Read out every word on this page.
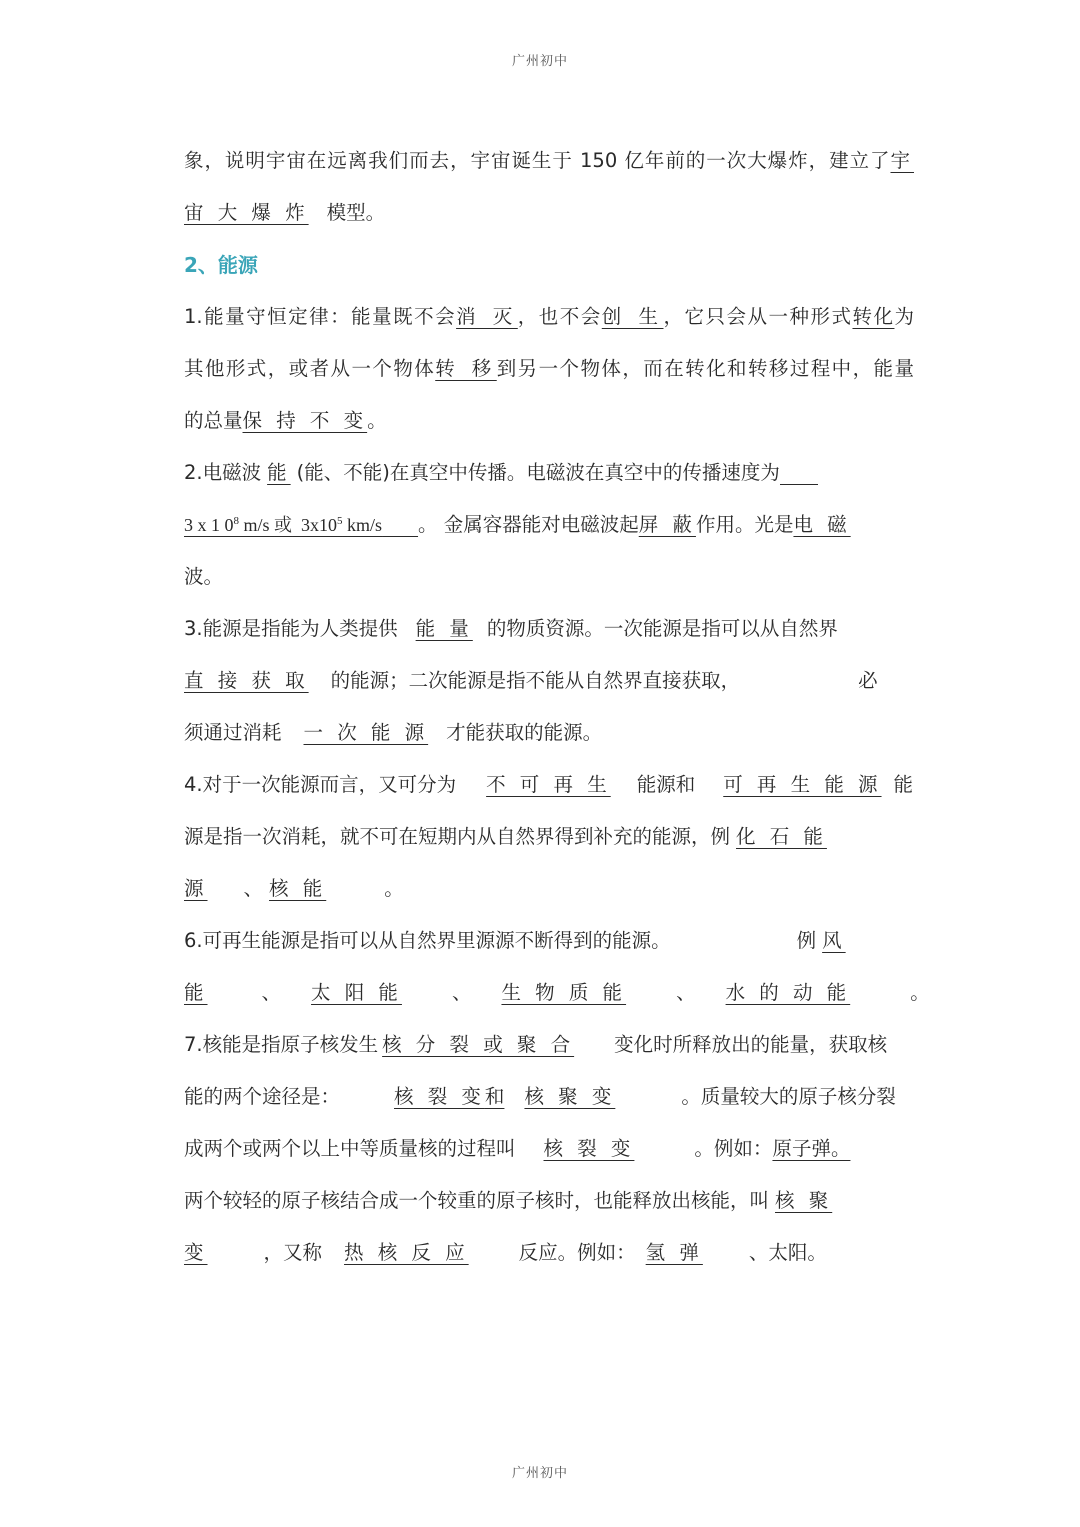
广州初中
象，说明宇宙在远离我们而去，宇宙诞生于 150 亿年前的一次大爆炸，建立了宇
宙 大 爆 炸 模型。
2、能源
1.能量守恒定律：能量既不会消 灭，也不会创 生，它只会从一种形式转化为
其他形式，或者从一个物体转 移到另一个物体，而在转化和转移过程中，能量
的总量保 持 不 变。
2.电磁波 能 (能、不能)在真空中传播。电磁波在真空中的传播速度为
3 x 1 $0^8$ m/s 或 $3x10^5$ km/s 。 金属容器能对电磁波起屏 蔽作用。光是电 磁
波。
3.能源是指能为人类提供 能 量 的物质资源。一次能源是指可以从自然界
直 接 获 取 的能源；二次能源是指不能从自然界直接获取，	必
须通过消耗 一 次 能 源 才能获取的能源。
4.对于一次能源而言，又可分为 不 可 再 生 能源和 可 再 生 能 源 能
源是指一次消耗，就不可在短期内从自然界得到补充的能源，例 化 石 能
源 、 核 能	。
6.可再生能源是指可以从自然界里源源不断得到的能源。	例 风
能	、 太 阳 能	、 生 物 质 能	、 水 的 动 能	。
7.核能是指原子核发生 核 分 裂 或 聚 合 变化时所释放出的能量，获取核
能的两个途径是：	核 裂 变和 核 聚 变	。质量较大的原子核分裂
成两个或两个以上中等质量核的过程叫 核 裂 变	。例如：原子弹。
两个较轻的原子核结合成一个较重的原子核时，也能释放出核能，叫 核 聚
变	，又称 热 核 反 应	反应。例如： 氢 弹 、太阳。
广州初中
